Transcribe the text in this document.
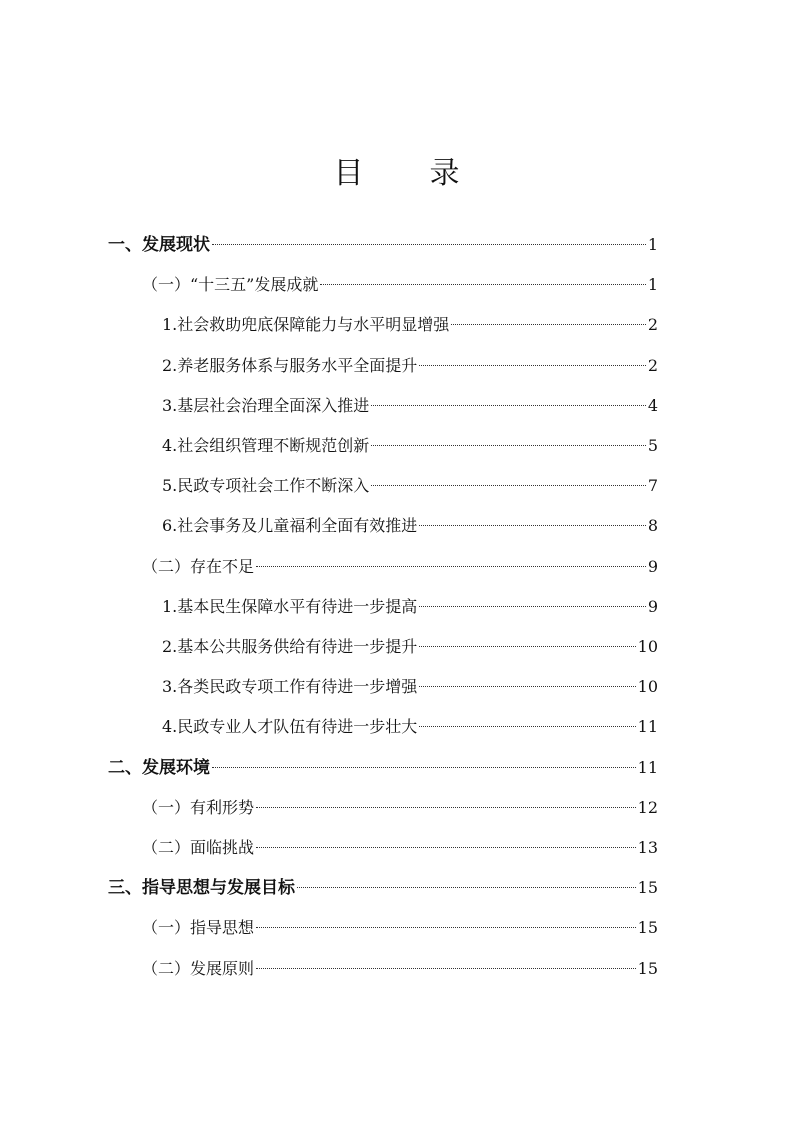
目 录
一、发展现状	1
（一）“十三五”发展成就	1
1.社会救助兜底保障能力与水平明显增强	2
2.养老服务体系与服务水平全面提升	2
3.基层社会治理全面深入推进	4
4.社会组织管理不断规范创新	5
5.民政专项社会工作不断深入	7
6.社会事务及儿童福利全面有效推进	8
（二）存在不足	9
1.基本民生保障水平有待进一步提高	9
2.基本公共服务供给有待进一步提升	10
3.各类民政专项工作有待进一步增强	10
4.民政专业人才队伍有待进一步壮大	11
二、发展环境	11
（一）有利形势	12
（二）面临挑战	13
三、指导思想与发展目标	15
（一）指导思想	15
（二）发展原则	15
